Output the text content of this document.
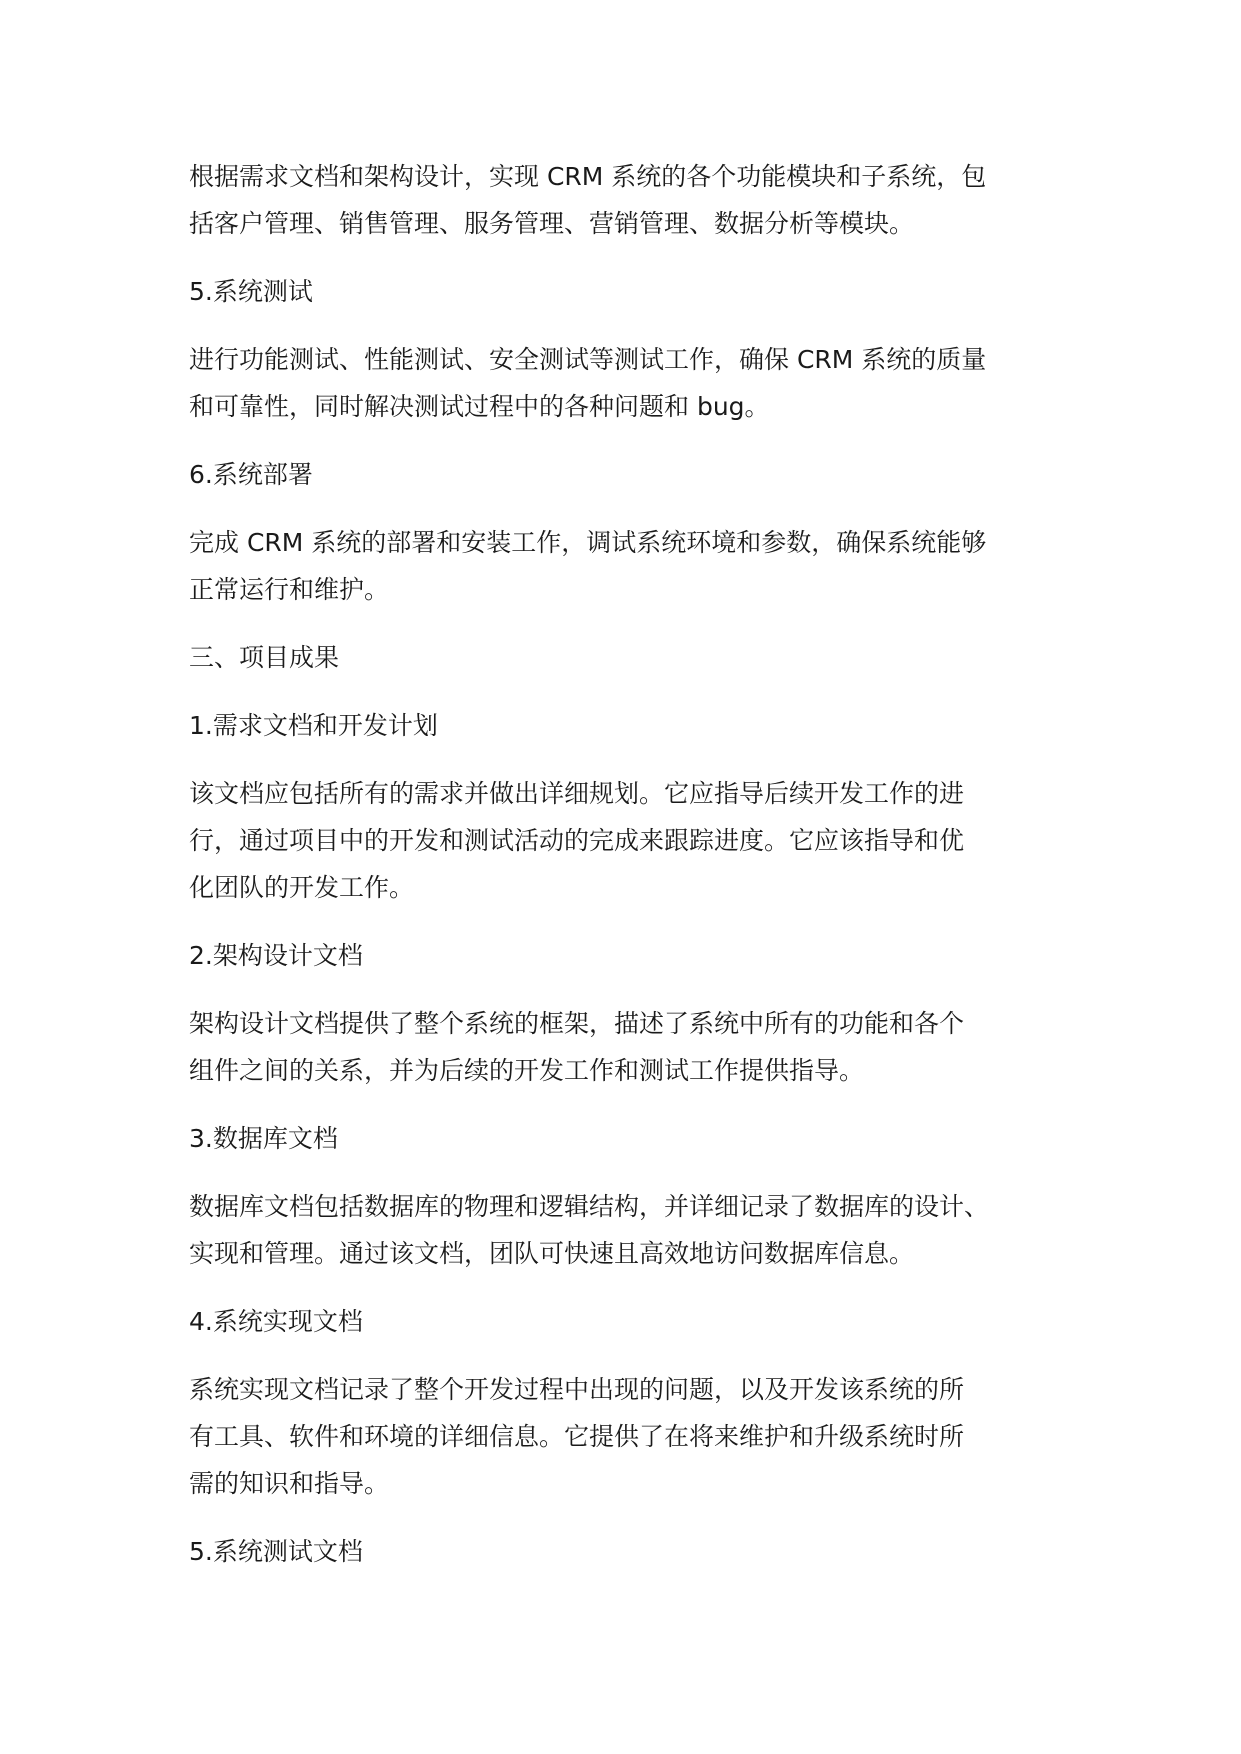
根据需求文档和架构设计，实现 CRM 系统的各个功能模块和子系统，包
括客户管理、销售管理、服务管理、营销管理、数据分析等模块。

5.系统测试

进行功能测试、性能测试、安全测试等测试工作，确保 CRM 系统的质量
和可靠性，同时解决测试过程中的各种问题和 bug。

6.系统部署

完成 CRM 系统的部署和安装工作，调试系统环境和参数，确保系统能够
正常运行和维护。

三、项目成果

1.需求文档和开发计划

该文档应包括所有的需求并做出详细规划。它应指导后续开发工作的进
行，通过项目中的开发和测试活动的完成来跟踪进度。它应该指导和优
化团队的开发工作。

2.架构设计文档

架构设计文档提供了整个系统的框架，描述了系统中所有的功能和各个
组件之间的关系，并为后续的开发工作和测试工作提供指导。

3.数据库文档

数据库文档包括数据库的物理和逻辑结构，并详细记录了数据库的设计、
实现和管理。通过该文档，团队可快速且高效地访问数据库信息。

4.系统实现文档

系统实现文档记录了整个开发过程中出现的问题，以及开发该系统的所
有工具、软件和环境的详细信息。它提供了在将来维护和升级系统时所
需的知识和指导。

5.系统测试文档
